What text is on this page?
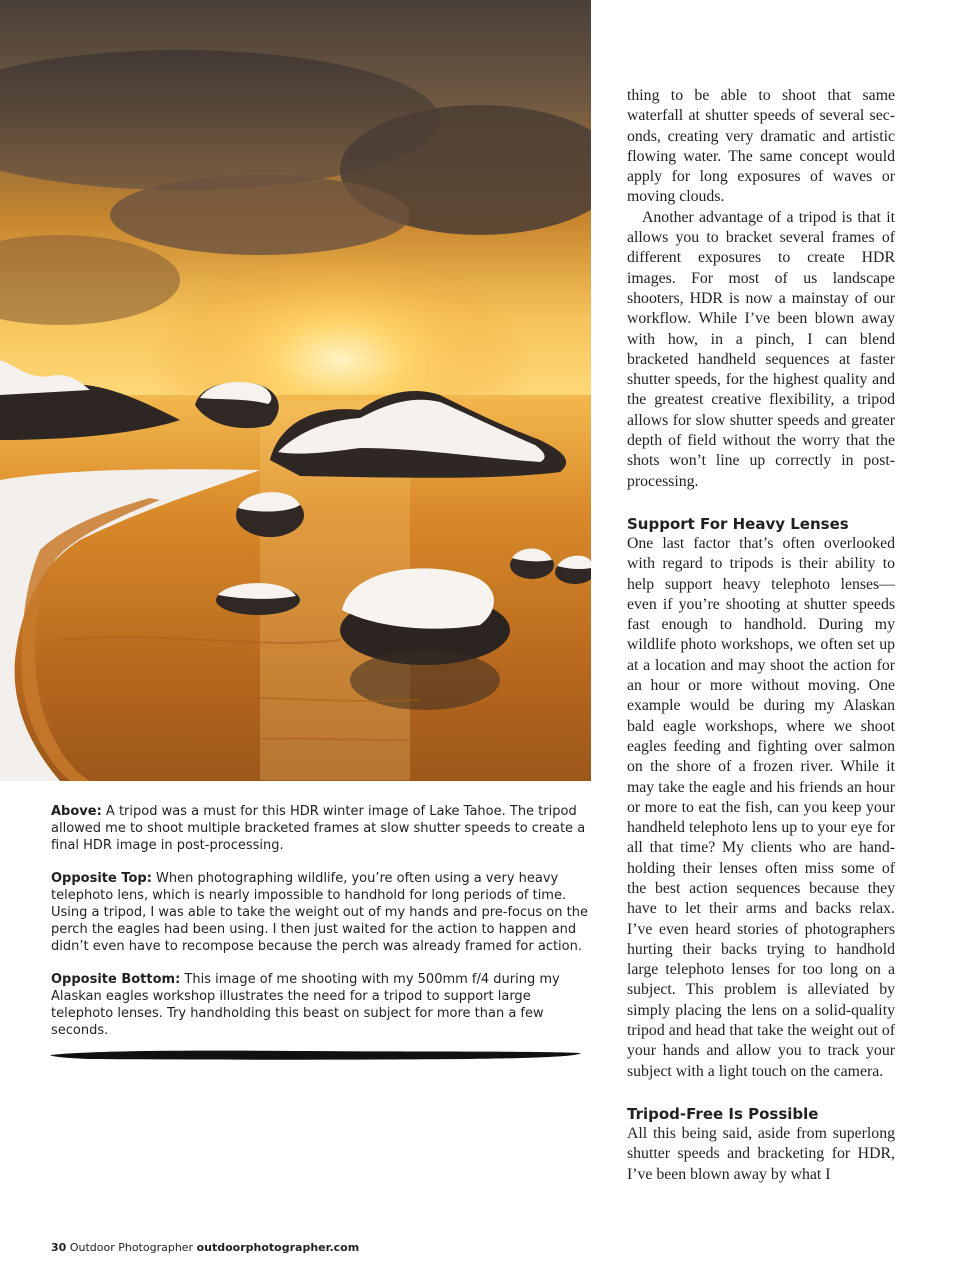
Above: A tripod was a must for this HDR winter image of Lake Tahoe. The tripod allowed me to shoot multiple bracketed frames at slow shutter speeds to create a final HDR image in post-processing.

Opposite Top: When photographing wildlife, you’re often using a very heavy telephoto lens, which is nearly impossible to handhold for long periods of time. Using a tripod, I was able to take the weight out of my hands and pre-focus on the perch the eagles had been using. I then just waited for the action to happen and didn’t even have to recompose because the perch was already framed for action.

Opposite Bottom: This image of me shooting with my 500mm f/4 during my Alaskan eagles workshop illustrates the need for a tripod to support large telephoto lenses. Try handholding this beast on subject for more than a few seconds.

thing to be able to shoot that same waterfall at shutter speeds of several seconds, creating very dramatic and artistic flowing water. The same concept would apply for long exposures of waves or moving clouds.

Another advantage of a tripod is that it allows you to bracket several frames of different exposures to create HDR images. For most of us landscape shooters, HDR is now a mainstay of our workflow. While I’ve been blown away with how, in a pinch, I can blend bracketed handheld sequences at faster shutter speeds, for the highest quality and the greatest creative flexibility, a tripod allows for slow shutter speeds and greater depth of field without the worry that the shots won’t line up correctly in post-processing.

Support For Heavy Lenses

One last factor that’s often overlooked with regard to tripods is their ability to help support heavy telephoto lenses—even if you’re shooting at shutter speeds fast enough to handhold. During my wildlife photo workshops, we often set up at a location and may shoot the action for an hour or more without moving. One example would be during my Alaskan bald eagle workshops, where we shoot eagles feeding and fighting over salmon on the shore of a frozen river. While it may take the eagle and his friends an hour or more to eat the fish, can you keep your handheld telephoto lens up to your eye for all that time? My clients who are handholding their lenses often miss some of the best action sequences because they have to let their arms and backs relax. I’ve even heard stories of photographers hurting their backs trying to handhold large telephoto lenses for too long on a subject. This problem is alleviated by simply placing the lens on a solid-quality tripod and head that take the weight out of your hands and allow you to track your subject with a light touch on the camera.

Tripod-Free Is Possible

All this being said, aside from superlong shutter speeds and bracketing for HDR, I’ve been blown away by what I

30 Outdoor Photographer outdoorphotographer.com
